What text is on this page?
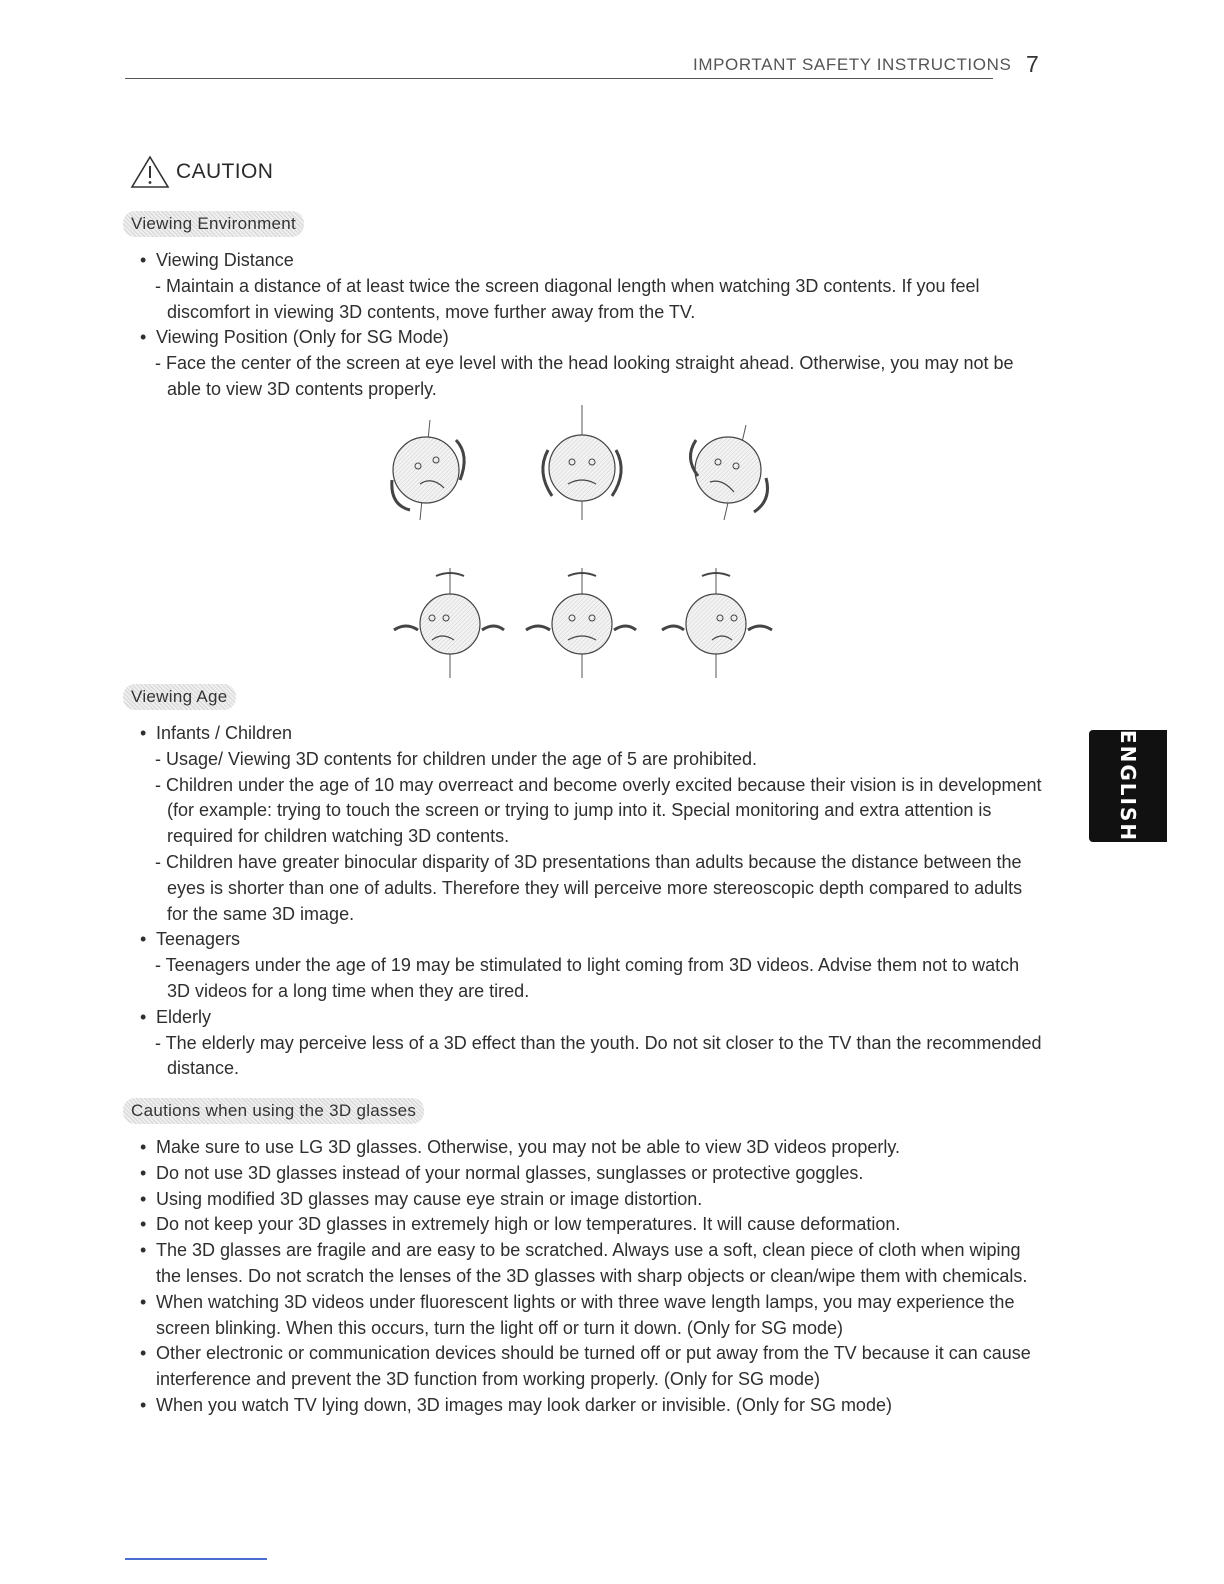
IMPORTANT SAFETY INSTRUCTIONS 7
CAUTION
Viewing Environment
• Viewing Distance
- Maintain a distance of at least twice the screen diagonal length when watching 3D contents. If you feel discomfort in viewing 3D contents, move further away from the TV.
• Viewing Position (Only for SG Mode)
- Face the center of the screen at eye level with the head looking straight ahead. Otherwise, you may not be able to view 3D contents properly.
Viewing Age
• Infants / Children
- Usage/ Viewing 3D contents for children under the age of 5 are prohibited.
- Children under the age of 10 may overreact and become overly excited because their vision is in development (for example: trying to touch the screen or trying to jump into it. Special monitoring and extra attention is required for children watching 3D contents.
- Children have greater binocular disparity of 3D presentations than adults because the distance between the eyes is shorter than one of adults. Therefore they will perceive more stereoscopic depth compared to adults for the same 3D image.
• Teenagers
- Teenagers under the age of 19 may be stimulated to light coming from 3D videos. Advise them not to watch 3D videos for a long time when they are tired.
• Elderly
- The elderly may perceive less of a 3D effect than the youth. Do not sit closer to the TV than the recommended distance.
Cautions when using the 3D glasses
• Make sure to use LG 3D glasses. Otherwise, you may not be able to view 3D videos properly.
• Do not use 3D glasses instead of your normal glasses, sunglasses or protective goggles.
• Using modified 3D glasses may cause eye strain or image distortion.
• Do not keep your 3D glasses in extremely high or low temperatures. It will cause deformation.
• The 3D glasses are fragile and are easy to be scratched. Always use a soft, clean piece of cloth when wiping the lenses. Do not scratch the lenses of the 3D glasses with sharp objects or clean/wipe them with chemicals.
• When watching 3D videos under fluorescent lights or with three wave length lamps, you may experience the screen blinking. When this occurs, turn the light off or turn it down. (Only for SG mode)
• Other electronic or communication devices should be turned off or put away from the TV because it can cause interference and prevent the 3D function from working properly. (Only for SG mode)
• When you watch TV lying down, 3D images may look darker or invisible. (Only for SG mode)
ENGLISH
